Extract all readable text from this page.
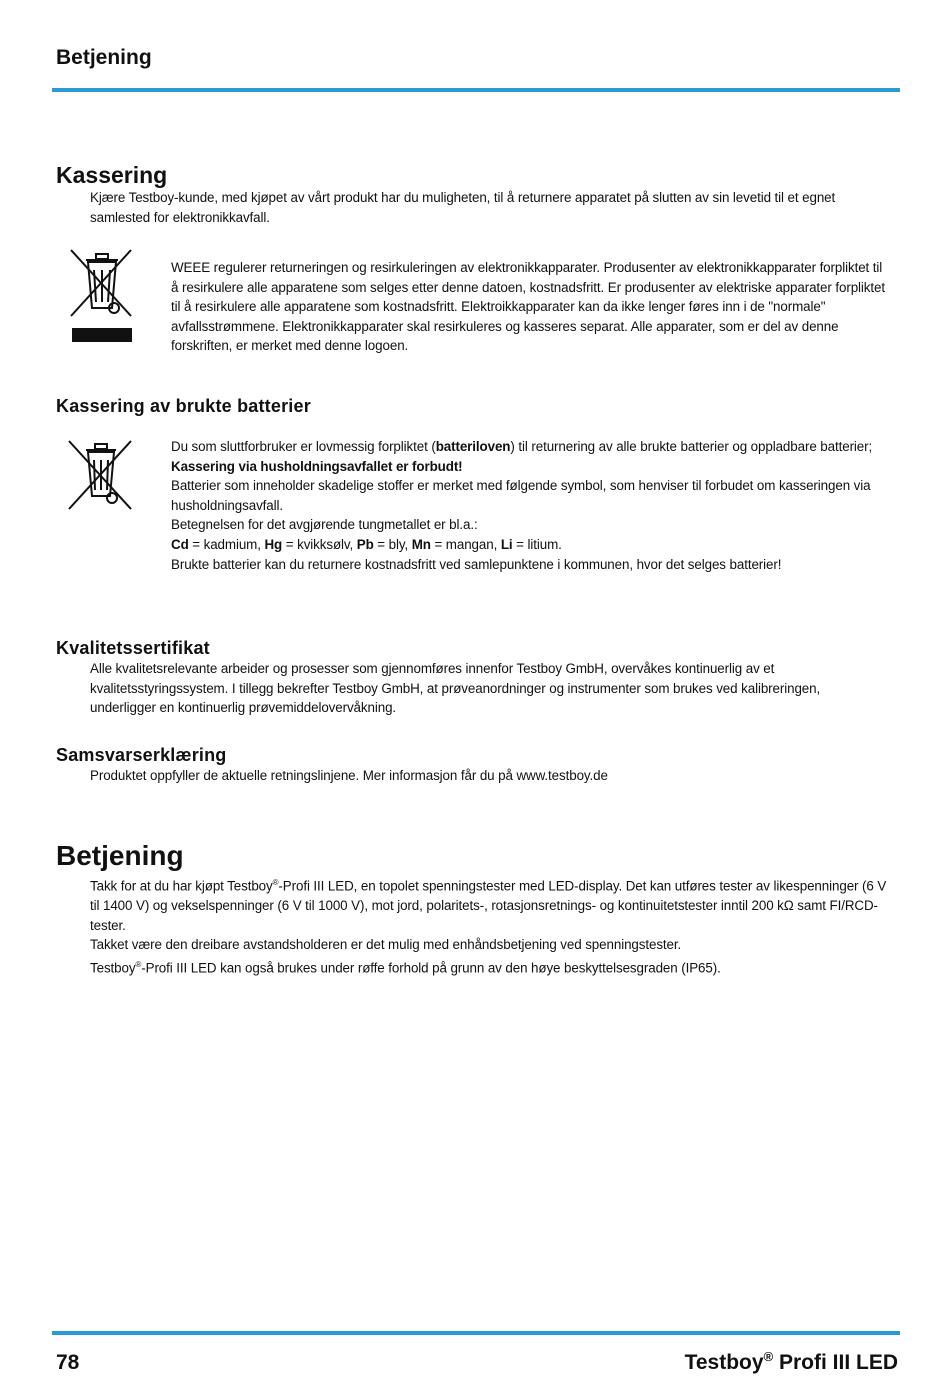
Betjening
Kassering
Kjære Testboy-kunde, med kjøpet av vårt produkt har du muligheten, til å returnere apparatet på slutten av sin levetid til et egnet samlested for elektronikkavfall.
WEEE regulerer returneringen og resirkuleringen av elektronikkapparater. Produsenter av elektronikkapparater forpliktet til å resirkulere alle apparatene som selges etter denne datoen, kostnadsfritt. Er produsenter av elektriske apparater forpliktet til å resirkulere alle apparatene som kostnadsfritt. Elektroikkapparater kan da ikke lenger føres inn i de "normale" avfallsstrømmene. Elektronikkapparater skal resirkuleres og kasseres separat. Alle apparater, som er del av denne forskriften, er merket med denne logoen.
Kassering av brukte batterier

Du som sluttforbruker er lovmessig forpliktet (batteriloven) til returnering av alle brukte batterier og oppladbare batterier;

Kassering via husholdningsavfallet er forbudt!

Batterier som inneholder skadelige stoffer er merket med følgende symbol, som henviser til forbudet om kasseringen via husholdningsavfall.

Betegnelsen for det avgjørende tungmetallet er bl.a.:

Cd = kadmium, Hg = kvikksølv, Pb = bly, Mn = mangan, Li = litium.

Brukte batterier kan du returnere kostnadsfritt ved samlepunktene i kommunen, hvor det selges batterier!

Kvalitetssertifikat
Alle kvalitetsrelevante arbeider og prosesser som gjennomføres innenfor Testboy GmbH, overvåkes kontinuerlig av et kvalitetsstyringssystem. I tillegg bekrefter Testboy GmbH, at prøveanordninger og instrumenter som brukes ved kalibreringen, underligger en kontinuerlig prøvemiddelovervåkning.
Samsvarserklæring
Produktet oppfyller de aktuelle retningslinjene. Mer informasjon får du på www.testboy.de
Betjening

Takk for at du har kjøpt Testboy®-Profi III LED, en topolet spenningstester med LED-display. Det kan utføres tester av likespenninger (6 V til 1400 V) og vekselspenninger (6 V til 1000 V), mot jord, polaritets-, rotasjonsretnings- og kontinuitetstester inntil 200 kΩ samt FI/RCD-tester.

Takket være den dreibare avstandsholderen er det mulig med enhåndsbetjening ved spenningstester.

Testboy®-Profi III LED kan også brukes under røffe forhold på grunn av den høye beskyttelsesgraden (IP65).

78	Testboy® Profi III LED
